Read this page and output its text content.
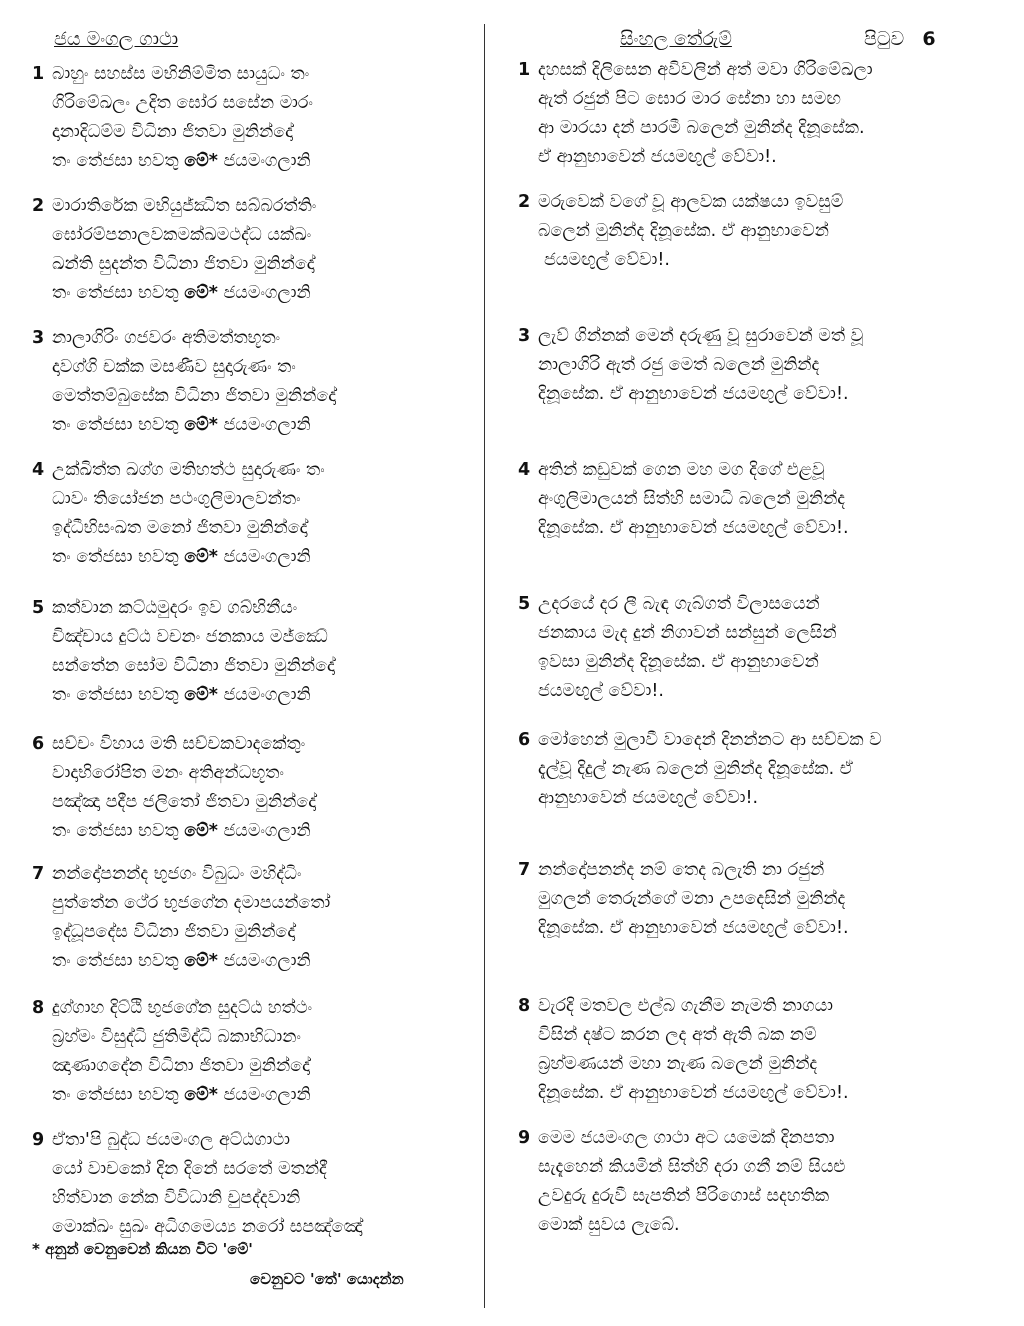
ජය මංගල ගාථා	සිංහල තේරුම්	පිටුව 6
1 බාහුං සහස්ස මභිනිම්මිත සායුධං තං
ගිරිමේඛලං උදිත ඝෝර සසේන මාරං
දානාදිධම්ම විධිනා ජිතවා මුනින්දෝ
තං තේජසා භවතු මේ* ජයමංගලානි
2 මාරාතිරේක මභියුජ්ඣිත සබ්බරත්තිං
ඝෝරම්පනාලවකමක්ඛමථද්ධ යක්ඛං
ඛන්ති සුදන්ත විධිනා ජිතවා මුනින්දෝ
තං තේජසා භවතු මේ* ජයමංගලානි
3 නාලාගිරිං ගජවරං අතිමත්තභූතං
දාවග්ගි චක්ක මසණීව සුදාරුණං තං
මෙත්තම්බුසේක විධිනා ජිතවා මුනින්දෝ
තං තේජසා භවතු මේ* ජයමංගලානි
4 උක්ඛිත්ත ඛග්ග මතිහත්ථ සුදාරුණං තං
ධාවං තියෝජන පථංගුලිමාලවන්තං
ඉද්ධීභිසංඛත මනෝ ජිතවා මුනින්දෝ
තං තේජසා භවතු මේ* ජයමංගලානි
5 කත්වාන කට්ඨමුදරං ඉව ගබ්භිනීයං
චිඤ්චාය දුට්ඨ වචනං ජනකාය මජ්ඣේ
සන්තේන සෝම විධිනා ජිතවා මුනින්දෝ
තං තේජසා භවතු මේ* ජයමංගලානි
6 සච්චං විහාය මති සච්චකවාදකේතුං
වාදාභිරෝපිත මනං අතිඅන්ධභූතං
පඤ්ඤා පදීප ජලිතෝ ජිතවා මුනින්දෝ
තං තේජසා භවතු මේ* ජයමංගලානි
7 නන්දෝපනන්ද භුජගං විබුධං මහිද්ධිං
පුත්තේන ථේර භුජගේන දමාපයන්තෝ
ඉද්ධූපදේස විධිනා ජිතවා මුනින්දෝ
තං තේජසා භවතු මේ* ජයමංගලානි
8 දුග්ගාහ දිට්ඨි භුජගේන සුදට්ඨ හත්ථං
බ්‍රහ්මං විසුද්ධි ජුතිමිද්ධි බකාභිධානං
ඤාණාගදේන විධිනා ජිතවා මුනින්දෝ
තං තේජසා භවතු මේ* ජයමංගලානි
9 ඒතා'පි බුද්ධ ජයමංගල අට්ඨගාථා
යෝ වාචකෝ දින දිනේ සරතේ මතන්දී
හිත්වාන නේක විවිධානි චුපද්දවානි
මොක්ඛං සුඛං අධිගමෙය්‍ය නරෝ සපඤ්ඤෝ
* අනුන් වෙනුවෙන් කියන විට 'මේ'
වෙනුවට 'තේ' යොදන්න
1 දහසක් දිලිසෙන අවිවලින් අත් මවා ගිරිමේඛලා
ඇත් රජුන් පිට ඝොර මාර සේනා හා සමඟ
ආ මාරයා දන් පාරමී බලෙන් මුනින්ද දිනූසේක.
ඒ ආනුභාවෙන් ජයමඟුල් වේවා!.
2 මරුවෙක් වගේ වූ ආලවක යක්ෂයා ඉවසුම්
බලෙන් මුනින්ද දිනූසේක. ඒ ආනුභාවෙන්
ජයමඟුල් වේවා!.
3 ලැව් ගින්නක් මෙන් දරුණු වූ සුරාවෙන් මත් වූ
නාලාගිරි ඇත් රජු මෙත් බලෙන් මුනින්ද
දිනූසේක. ඒ ආනුභාවෙන් ජයමඟුල් වේවා!.
4 අතින් කඩුවක් ගෙන මහ මග දිගේ එළවූ
අංගුලිමාලයන් සිත්හි සමාධි බලෙන් මුනින්ද
දිනූසේක. ඒ ආනුභාවෙන් ජයමඟුල් වේවා!.
5 උදරයේ දර ලී බැඳ ගැබ්ගත් විලාසයෙන්
ජනකාය මැද දුන් නිගාවන් සන්සුන් ලෙසින්
ඉවසා මුනින්ද දිනූසේක. ඒ ආනුභාවෙන්
ජයමඟුල් වේවා!.
6 මෝහෙන් මුලාවී වාදෙන් දිනන්නට ආ සච්චක ව
දැල්වූ දිදුල් නැණ බලෙන් මුනින්ද දිනූසේක. ඒ
ආනුභාවෙන් ජයමඟුල් වේවා!.
7 නන්දෝපනන්ද නම් තෙද බලැති නා රජුන්
මුගලන් තෙරුන්ගේ මනා උපදෙසින් මුනින්ද
දිනූසේක. ඒ ආනුභාවෙන් ජයමඟුල් වේවා!.
8 වැරදි මතවල එල්බ ගැනීම නැමති නාගයා
විසින් දෂ්ට කරන ලද අත් ඇති බක නම්
බ්‍රහ්මණයන් මහා නැණ බලෙන් මුනින්ද
දිනූසේක. ඒ ආනුභාවෙන් ජයමඟුල් වේවා!.
9 මෙම ජයමංගල ගාථා අට යමෙක් දිනපතා
සැදැහෙන් කියමින් සිත්හි දරා ගනී නම් සියළු
උවදුරු දුරුවී සැපතින් පිරිගොස් සදහතික
මොක් සුවය ලැබේ.
